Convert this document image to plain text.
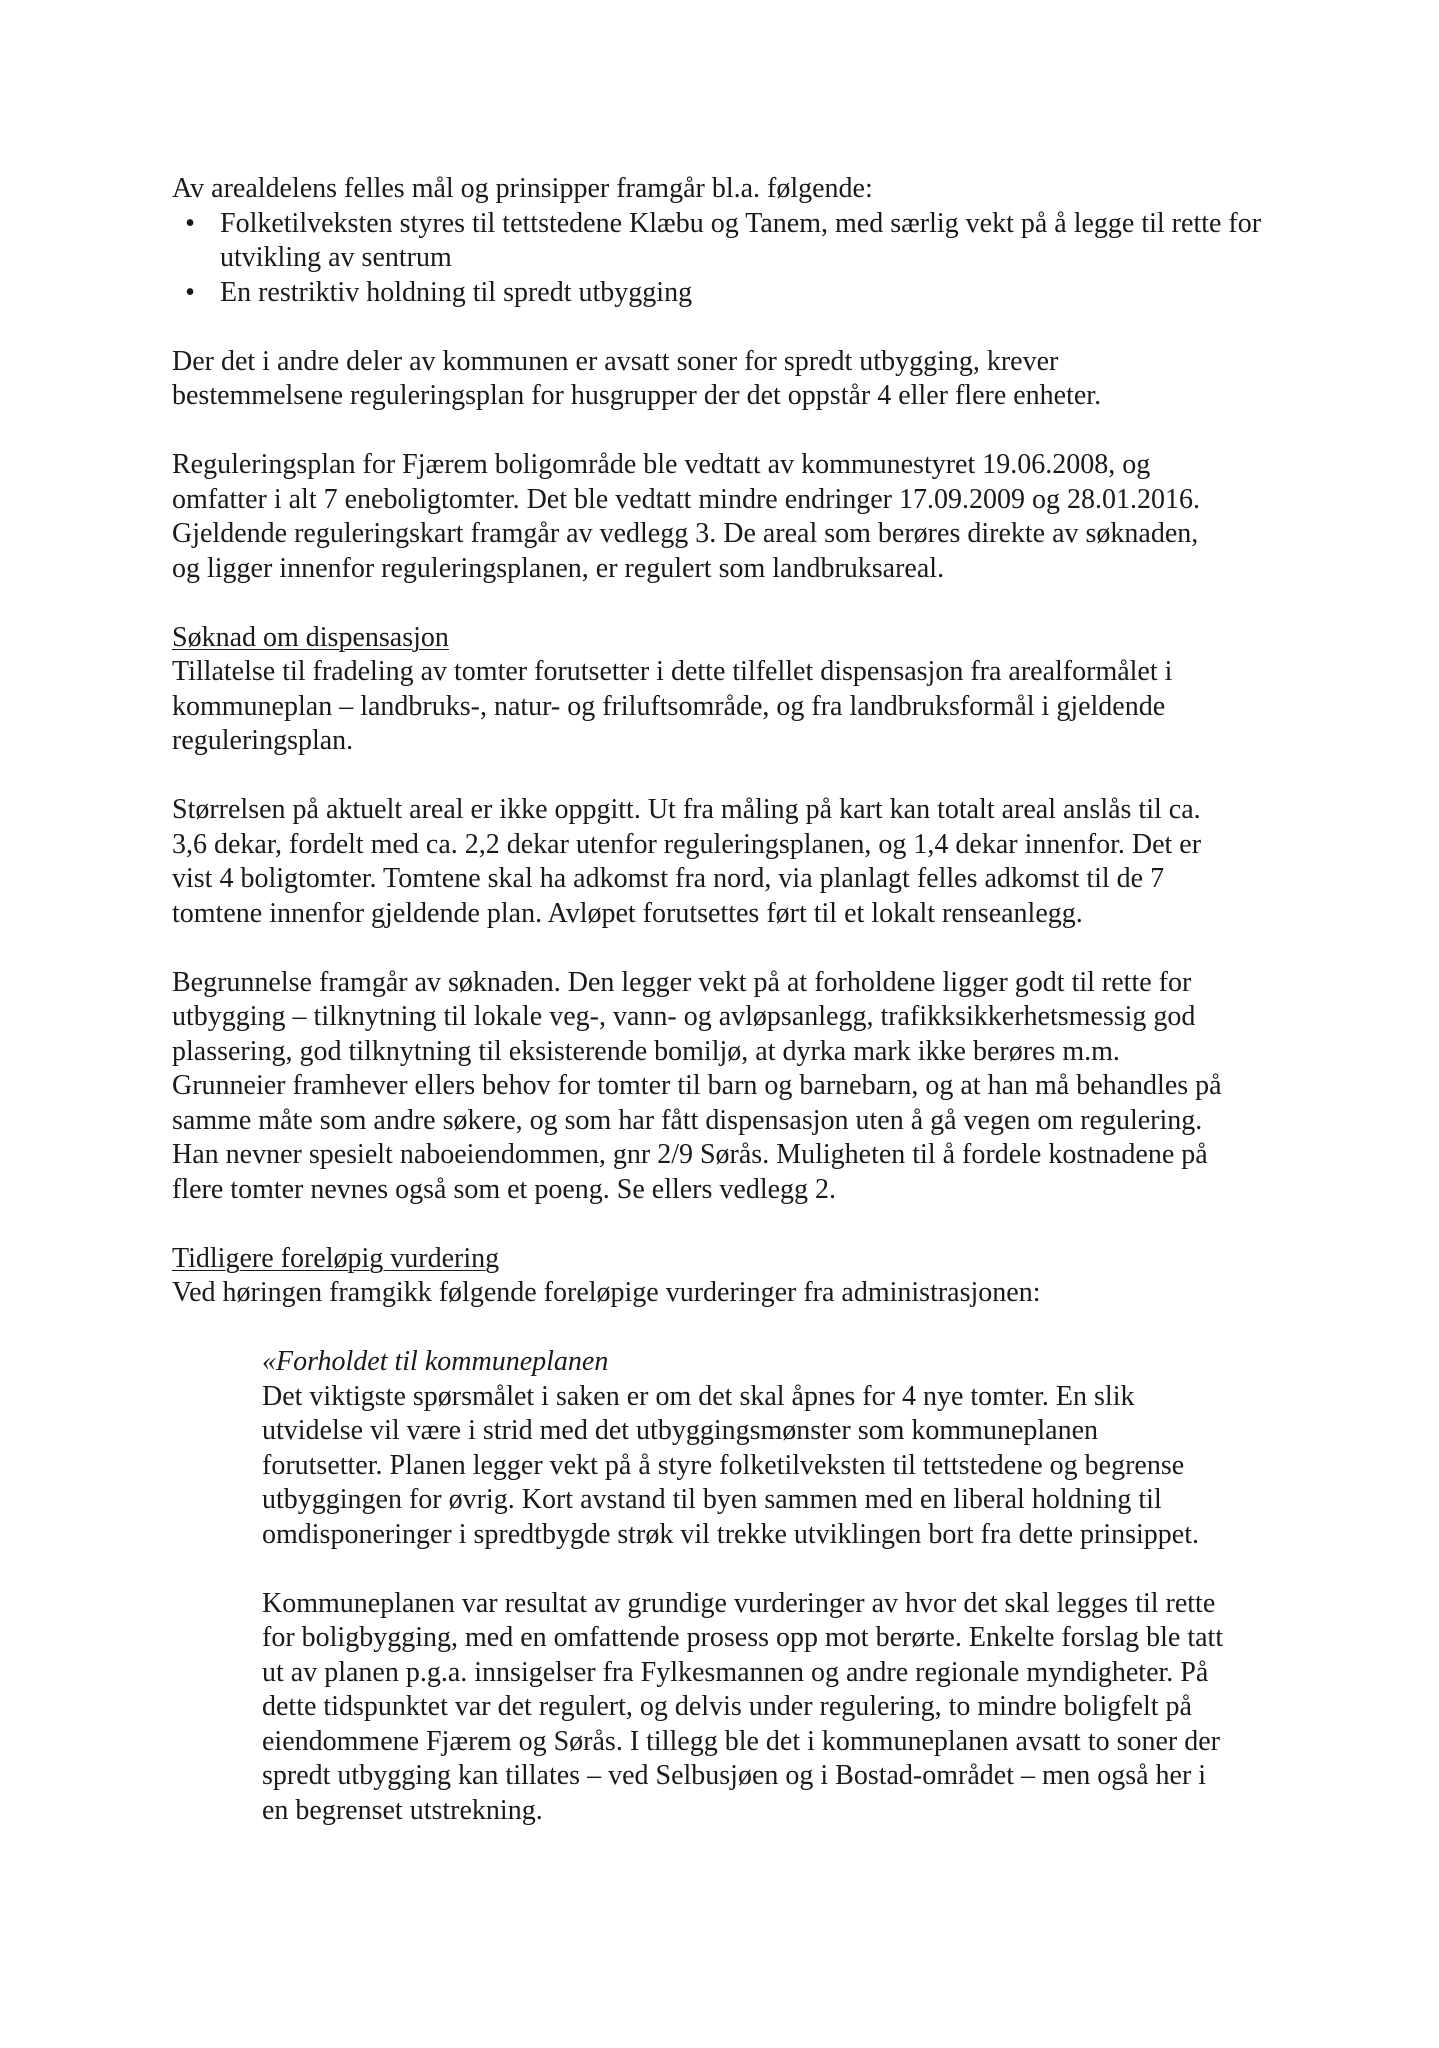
Av arealdelens felles mål og prinsipper framgår bl.a. følgende:

• Folketilveksten styres til tettstedene Klæbu og Tanem, med særlig vekt på å legge til rette for utvikling av sentrum
• En restriktiv holdning til spredt utbygging

Der det i andre deler av kommunen er avsatt soner for spredt utbygging, krever

bestemmelsene reguleringsplan for husgrupper der det oppstår 4 eller flere enheter.

Reguleringsplan for Fjærem boligområde ble vedtatt av kommunestyret 19.06.2008, og

omfatter i alt 7 eneboligtomter. Det ble vedtatt mindre endringer 17.09.2009 og 28.01.2016.

Gjeldende reguleringskart framgår av vedlegg 3. De areal som berøres direkte av søknaden,

og ligger innenfor reguleringsplanen, er regulert som landbruksareal.

Søknad om dispensasjon

Tillatelse til fradeling av tomter forutsetter i dette tilfellet dispensasjon fra arealformålet i

kommuneplan – landbruks-, natur- og friluftsområde, og fra landbruksformål i gjeldende

reguleringsplan.

Størrelsen på aktuelt areal er ikke oppgitt. Ut fra måling på kart kan totalt areal anslås til ca.

3,6 dekar, fordelt med ca. 2,2 dekar utenfor reguleringsplanen, og 1,4 dekar innenfor. Det er

vist 4 boligtomter. Tomtene skal ha adkomst fra nord, via planlagt felles adkomst til de 7

tomtene innenfor gjeldende plan. Avløpet forutsettes ført til et lokalt renseanlegg.

Begrunnelse framgår av søknaden. Den legger vekt på at forholdene ligger godt til rette for

utbygging – tilknytning til lokale veg-, vann- og avløpsanlegg, trafikksikkerhetsmessig god

plassering, god tilknytning til eksisterende bomiljø, at dyrka mark ikke berøres m.m.

Grunneier framhever ellers behov for tomter til barn og barnebarn, og at han må behandles på

samme måte som andre søkere, og som har fått dispensasjon uten å gå vegen om regulering.

Han nevner spesielt naboeiendommen, gnr 2/9 Sørås. Muligheten til å fordele kostnadene på

flere tomter nevnes også som et poeng. Se ellers vedlegg 2.

Tidligere foreløpig vurdering

Ved høringen framgikk følgende foreløpige vurderinger fra administrasjonen:

«Forholdet til kommuneplanen

Det viktigste spørsmålet i saken er om det skal åpnes for 4 nye tomter. En slik

utvidelse vil være i strid med det utbyggingsmønster som kommuneplanen

forutsetter. Planen legger vekt på å styre folketilveksten til tettstedene og begrense

utbyggingen for øvrig. Kort avstand til byen sammen med en liberal holdning til

omdisponeringer i spredtbygde strøk vil trekke utviklingen bort fra dette prinsippet.

Kommuneplanen var resultat av grundige vurderinger av hvor det skal legges til rette

for boligbygging, med en omfattende prosess opp mot berørte. Enkelte forslag ble tatt

ut av planen p.g.a. innsigelser fra Fylkesmannen og andre regionale myndigheter. På

dette tidspunktet var det regulert, og delvis under regulering, to mindre boligfelt på

eiendommene Fjærem og Sørås. I tillegg ble det i kommuneplanen avsatt to soner der

spredt utbygging kan tillates – ved Selbusjøen og i Bostad-området – men også her i

en begrenset utstrekning.
